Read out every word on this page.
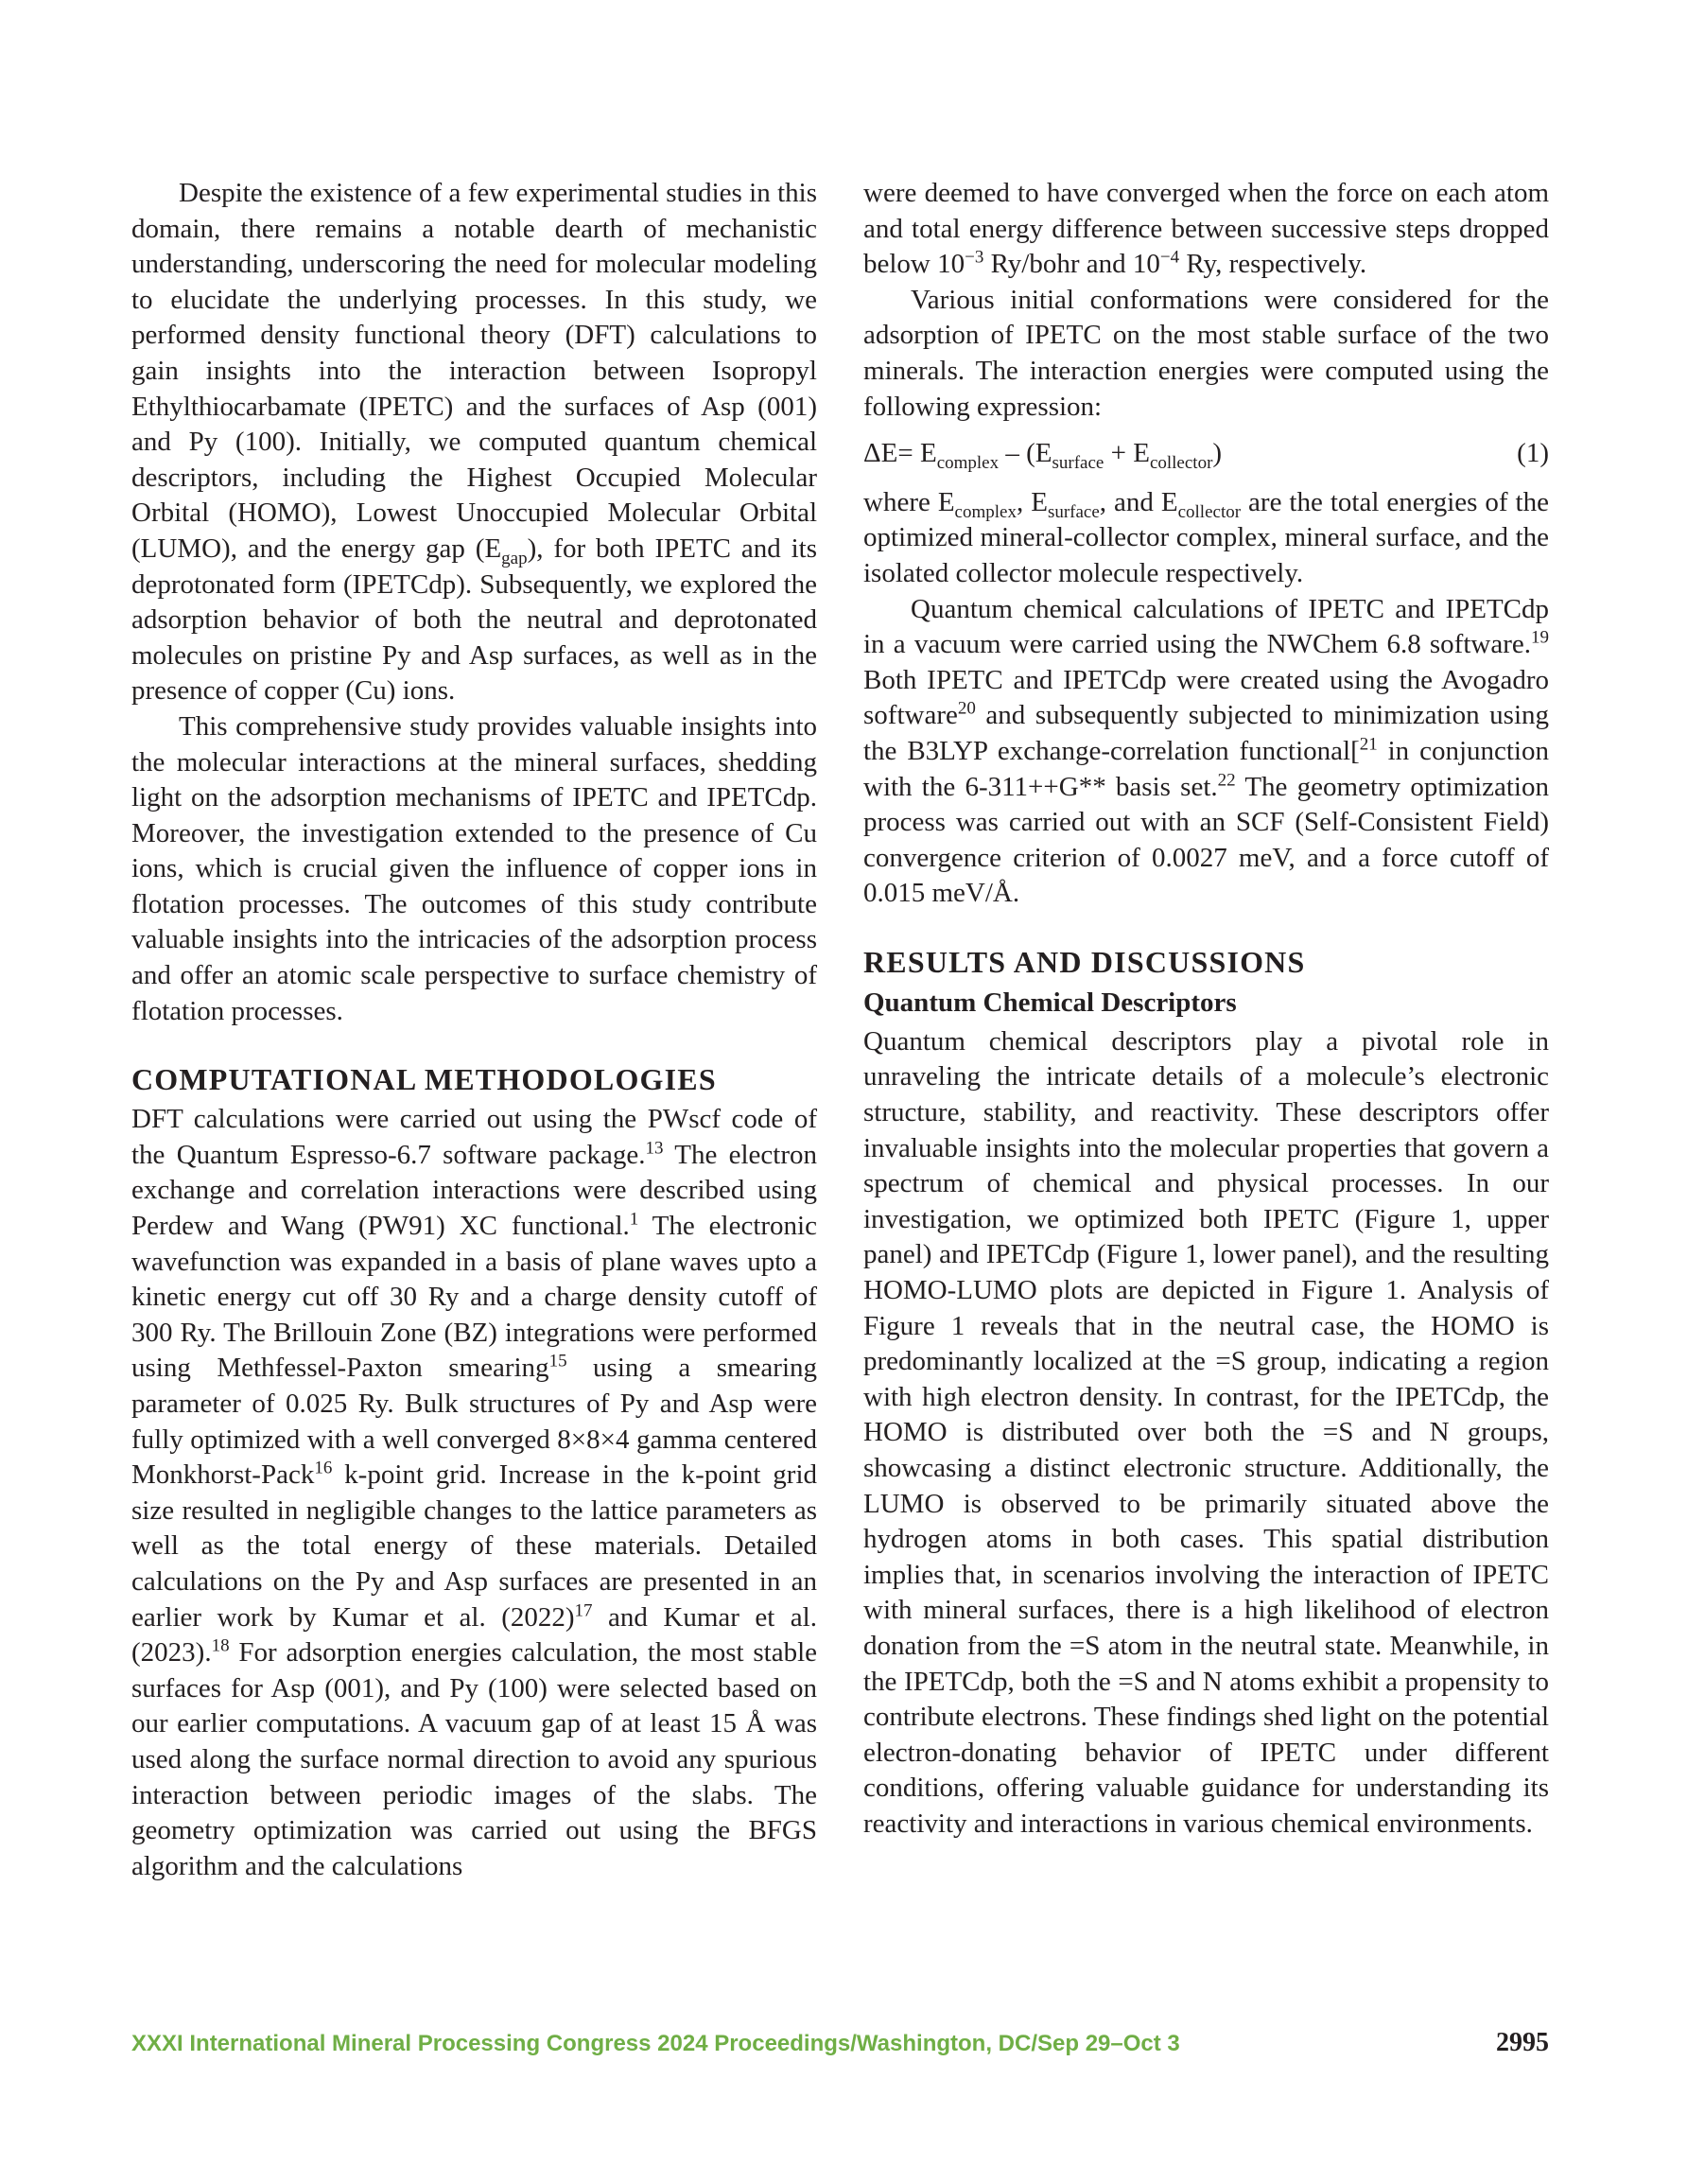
Despite the existence of a few experimental studies in this domain, there remains a notable dearth of mechanistic understanding, underscoring the need for molecular modeling to elucidate the underlying processes. In this study, we performed density functional theory (DFT) calculations to gain insights into the interaction between Isopropyl Ethylthiocarbamate (IPETC) and the surfaces of Asp (001) and Py (100). Initially, we computed quantum chemical descriptors, including the Highest Occupied Molecular Orbital (HOMO), Lowest Unoccupied Molecular Orbital (LUMO), and the energy gap $(E_{gap})$, for both IPETC and its deprotonated form (IPETCdp). Subsequently, we explored the adsorption behavior of both the neutral and deprotonated molecules on pristine Py and Asp surfaces, as well as in the presence of copper (Cu) ions.

This comprehensive study provides valuable insights into the molecular interactions at the mineral surfaces, shedding light on the adsorption mechanisms of IPETC and IPETCdp. Moreover, the investigation extended to the presence of Cu ions, which is crucial given the influence of copper ions in flotation processes. The outcomes of this study contribute valuable insights into the intricacies of the adsorption process and offer an atomic scale perspective to surface chemistry of flotation processes.

COMPUTATIONAL METHODOLOGIES

DFT calculations were carried out using the PWscf code of the Quantum Espresso-6.7 software package.$^{13}$ The electron exchange and correlation interactions were described using Perdew and Wang (PW91) XC functional.$^1$ The electronic wavefunction was expanded in a basis of plane waves upto a kinetic energy cut off 30 Ry and a charge density cutoff of 300 Ry. The Brillouin Zone (BZ) integrations were performed using Methfessel-Paxton smearing$^{15}$ using a smearing parameter of 0.025 Ry. Bulk structures of Py and Asp were fully optimized with a well converged 8×8×4 gamma centered Monkhorst-Pack$^{16}$ k-point grid. Increase in the k-point grid size resulted in negligible changes to the lattice parameters as well as the total energy of these materials. Detailed calculations on the Py and Asp surfaces are presented in an earlier work by Kumar et al. $(2022)^{17}$ and Kumar et al. (2023).$^{18}$ For adsorption energies calculation, the most stable surfaces for Asp (001), and Py (100) were selected based on our earlier computations. A vacuum gap of at least 15 Å was used along the surface normal direction to avoid any spurious interaction between periodic images of the slabs. The geometry optimization was carried out using the BFGS algorithm and the calculations

were deemed to have converged when the force on each atom and total energy difference between successive steps dropped below $10^{-3}$ Ry/bohr and $10^{-4}$ Ry, respectively.

Various initial conformations were considered for the adsorption of IPETC on the most stable surface of the two minerals. The interaction energies were computed using the following expression:

$\Delta E= E_{complex} - (E_{surface} + E_{collector})$	(1)

where $E_{complex}$, $E_{surface}$, and $E_{collector}$ are the total energies of the optimized mineral-collector complex, mineral surface, and the isolated collector molecule respectively.

Quantum chemical calculations of IPETC and IPETCdp in a vacuum were carried using the NWChem 6.8 software.$^{19}$ Both IPETC and IPETCdp were created using the Avogadro software$^{20}$ and subsequently subjected to minimization using the B3LYP exchange-correlation functional[$^{21}$ in conjunction with the 6-311++G** basis set.$^{22}$ The geometry optimization process was carried out with an SCF (Self-Consistent Field) convergence criterion of 0.0027 meV, and a force cutoff of 0.015 meV/Å.

RESULTS AND DISCUSSIONS
Quantum Chemical Descriptors

Quantum chemical descriptors play a pivotal role in unraveling the intricate details of a molecule’s electronic structure, stability, and reactivity. These descriptors offer invaluable insights into the molecular properties that govern a spectrum of chemical and physical processes. In our investigation, we optimized both IPETC (Figure 1, upper panel) and IPETCdp (Figure 1, lower panel), and the resulting HOMO-LUMO plots are depicted in Figure 1. Analysis of Figure 1 reveals that in the neutral case, the HOMO is predominantly localized at the =S group, indicating a region with high electron density. In contrast, for the IPETCdp, the HOMO is distributed over both the =S and N groups, showcasing a distinct electronic structure. Additionally, the LUMO is observed to be primarily situated above the hydrogen atoms in both cases. This spatial distribution implies that, in scenarios involving the interaction of IPETC with mineral surfaces, there is a high likelihood of electron donation from the =S atom in the neutral state. Meanwhile, in the IPETCdp, both the =S and N atoms exhibit a propensity to contribute electrons. These findings shed light on the potential electron-donating behavior of IPETC under different conditions, offering valuable guidance for understanding its reactivity and interactions in various chemical environments.

XXXI International Mineral Processing Congress 2024 Proceedings/Washington, DC/Sep 29–Oct 3	2995
